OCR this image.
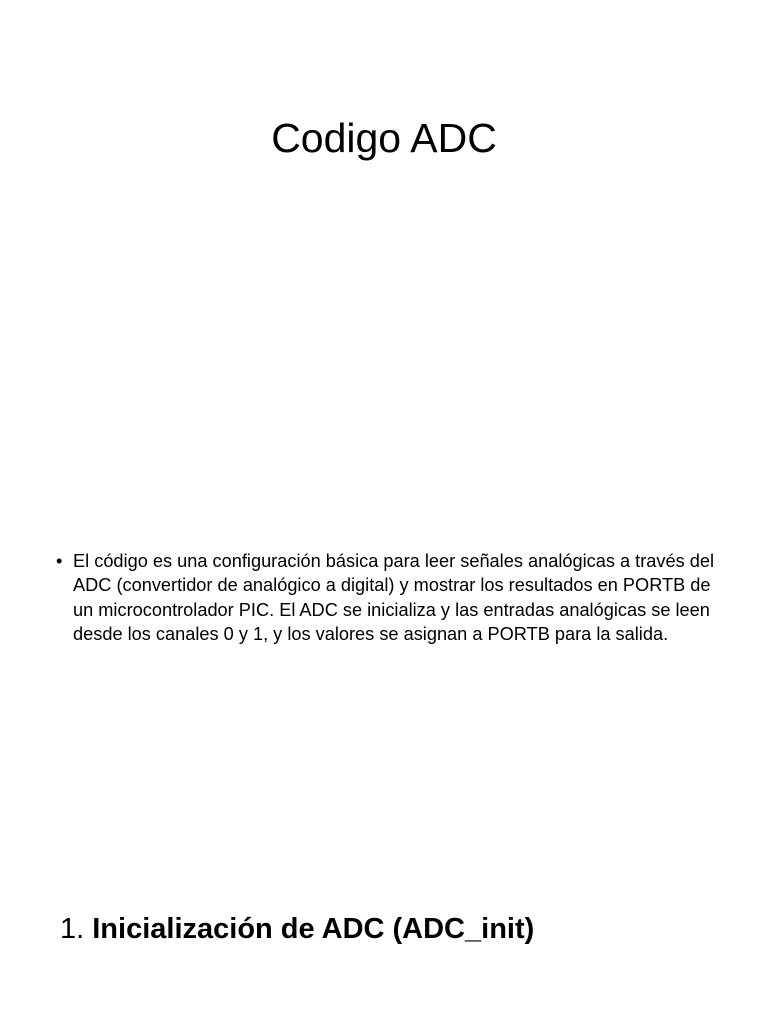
Codigo ADC
• El código es una configuración básica para leer señales analógicas a través del ADC (convertidor de analógico a digital) y mostrar los resultados en PORTB de un microcontrolador PIC. El ADC se inicializa y las entradas analógicas se leen desde los canales 0 y 1, y los valores se asignan a PORTB para la salida.
1. Inicialización de ADC (ADC_init)
